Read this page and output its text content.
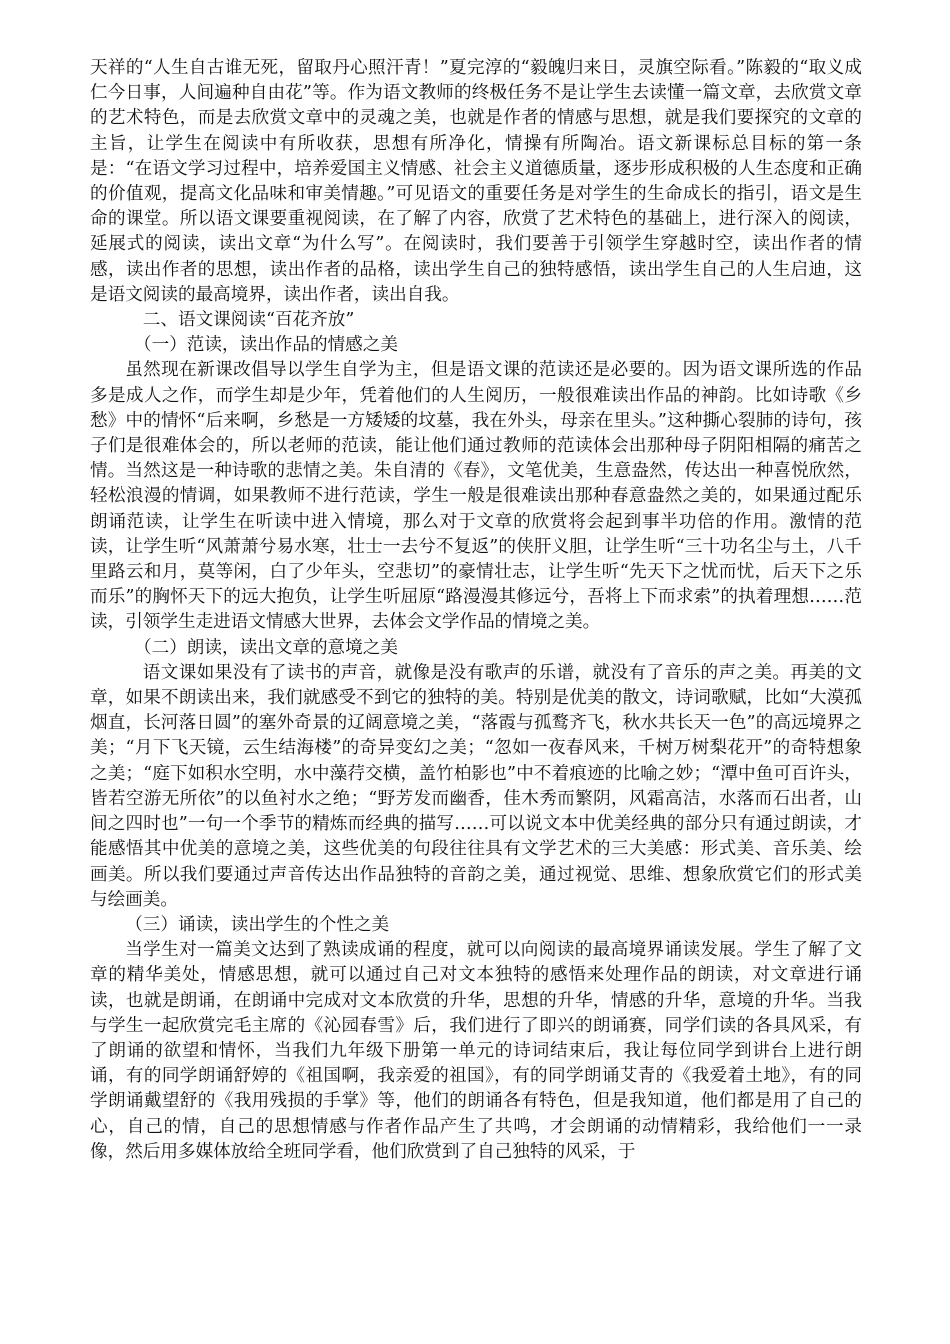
天祥的“人生自古谁无死，留取丹心照汗青！”夏完淳的“毅魄归来日，灵旗空际看。”陈毅的“取义成仁今日事，人间遍种自由花”等。作为语文教师的终极任务不是让学生去读懂一篇文章，去欣赏文章的艺术特色，而是去欣赏文章中的灵魂之美，也就是作者的情感与思想，就是我们要探究的文章的主旨，让学生在阅读中有所收获，思想有所净化，情操有所陶冶。语文新课标总目标的第一条是：“在语文学习过程中，培养爱国主义情感、社会主义道德质量，逐步形成积极的人生态度和正确的价值观，提高文化品味和审美情趣。”可见语文的重要任务是对学生的生命成长的指引，语文是生命的课堂。所以语文课要重视阅读，在了解了内容，欣赏了艺术特色的基础上，进行深入的阅读，延展式的阅读，读出文章“为什么写”。在阅读时，我们要善于引领学生穿越时空，读出作者的情感，读出作者的思想，读出作者的品格，读出学生自己的独特感悟，读出学生自己的人生启迪，这是语文阅读的最高境界，读出作者，读出自我。

二、语文课阅读“百花齐放”

（一）范读，读出作品的情感之美

虽然现在新课改倡导以学生自学为主，但是语文课的范读还是必要的。因为语文课所选的作品多是成人之作，而学生却是少年，凭着他们的人生阅历，一般很难读出作品的神韵。比如诗歌《乡愁》中的情怀“后来啊，乡愁是一方矮矮的坟墓，我在外头，母亲在里头。”这种撕心裂肺的诗句，孩子们是很难体会的，所以老师的范读，能让他们通过教师的范读体会出那种母子阴阳相隔的痛苦之情。当然这是一种诗歌的悲情之美。朱自清的《春》，文笔优美，生意盎然，传达出一种喜悦欣然，轻松浪漫的情调，如果教师不进行范读，学生一般是很难读出那种春意盎然之美的，如果通过配乐朗诵范读，让学生在听读中进入情境，那么对于文章的欣赏将会起到事半功倍的作用。激情的范读，让学生听“风萧萧兮易水寒，壮士一去兮不复返”的侠肝义胆，让学生听“三十功名尘与土，八千里路云和月，莫等闲，白了少年头，空悲切”的豪情壮志，让学生听“先天下之忧而忧，后天下之乐而乐”的胸怀天下的远大抱负，让学生听屈原“路漫漫其修远兮，吾将上下而求索”的执着理想……范读，引领学生走进语文情感大世界，去体会文学作品的情境之美。

（二）朗读，读出文章的意境之美

语文课如果没有了读书的声音，就像是没有歌声的乐谱，就没有了音乐的声之美。再美的文章，如果不朗读出来，我们就感受不到它的独特的美。特别是优美的散文，诗词歌赋，比如“大漠孤烟直，长河落日圆”的塞外奇景的辽阔意境之美，“落霞与孤鹜齐飞，秋水共长天一色”的高远境界之美；“月下飞天镜，云生结海楼”的奇异变幻之美；“忽如一夜春风来，千树万树梨花开”的奇特想象之美；“庭下如积水空明，水中藻荇交横，盖竹柏影也”中不着痕迹的比喻之妙；“潭中鱼可百许头，皆若空游无所依”的以鱼衬水之绝；“野芳发而幽香，佳木秀而繁阴，风霜高洁，水落而石出者，山间之四时也”一句一个季节的精炼而经典的描写……可以说文本中优美经典的部分只有通过朗读，才能感悟其中优美的意境之美，这些优美的句段往往具有文学艺术的三大美感：形式美、音乐美、绘画美。所以我们要通过声音传达出作品独特的音韵之美，通过视觉、思维、想象欣赏它们的形式美与绘画美。

（三）诵读，读出学生的个性之美

当学生对一篇美文达到了熟读成诵的程度，就可以向阅读的最高境界诵读发展。学生了解了文章的精华美处，情感思想，就可以通过自己对文本独特的感悟来处理作品的朗读，对文章进行诵读，也就是朗诵，在朗诵中完成对文本欣赏的升华，思想的升华，情感的升华，意境的升华。当我与学生一起欣赏完毛主席的《沁园春雪》后，我们进行了即兴的朗诵赛，同学们读的各具风采，有了朗诵的欲望和情怀，当我们九年级下册第一单元的诗词结束后，我让每位同学到讲台上进行朗诵，有的同学朗诵舒婷的《祖国啊，我亲爱的祖国》，有的同学朗诵艾青的《我爱着土地》，有的同学朗诵戴望舒的《我用残损的手掌》等，他们的朗诵各有特色，但是我知道，他们都是用了自己的心，自己的情，自己的思想情感与作者作品产生了共鸣，才会朗诵的动情精彩，我给他们一一录像，然后用多媒体放给全班同学看，他们欣赏到了自己独特的风采，于
